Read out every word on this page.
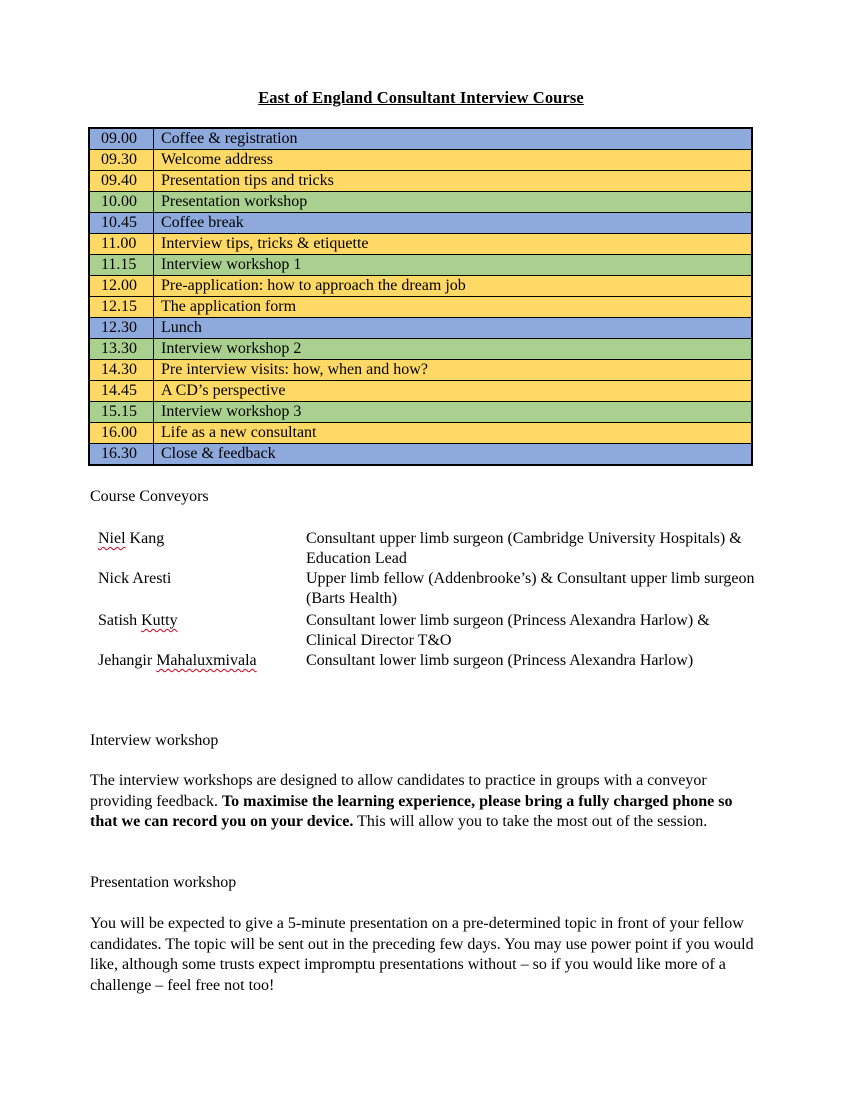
East of England Consultant Interview Course
09.00	Coffee & registration
09.30	Welcome address
09.40	Presentation tips and tricks
10.00	Presentation workshop
10.45	Coffee break
11.00	Interview tips, tricks & etiquette
11.15	Interview workshop 1
12.00	Pre-application: how to approach the dream job
12.15	The application form
12.30	Lunch
13.30	Interview workshop 2
14.30	Pre interview visits: how, when and how?
14.45	A CD’s perspective
15.15	Interview workshop 3
16.00	Life as a new consultant
16.30	Close & feedback
Course Conveyors
Niel Kang	Consultant upper limb surgeon (Cambridge University Hospitals) & Education Lead
Nick Aresti	Upper limb fellow (Addenbrooke’s) & Consultant upper limb surgeon (Barts Health)
Satish Kutty	Consultant lower limb surgeon (Princess Alexandra Harlow) & Clinical Director T&O
Jehangir Mahaluxmivala	Consultant lower limb surgeon (Princess Alexandra Harlow)
Interview workshop
The interview workshops are designed to allow candidates to practice in groups with a conveyor providing feedback. To maximise the learning experience, please bring a fully charged phone so that we can record you on your device. This will allow you to take the most out of the session.
Presentation workshop
You will be expected to give a 5-minute presentation on a pre-determined topic in front of your fellow candidates. The topic will be sent out in the preceding few days. You may use power point if you would like, although some trusts expect impromptu presentations without – so if you would like more of a challenge – feel free not too!
